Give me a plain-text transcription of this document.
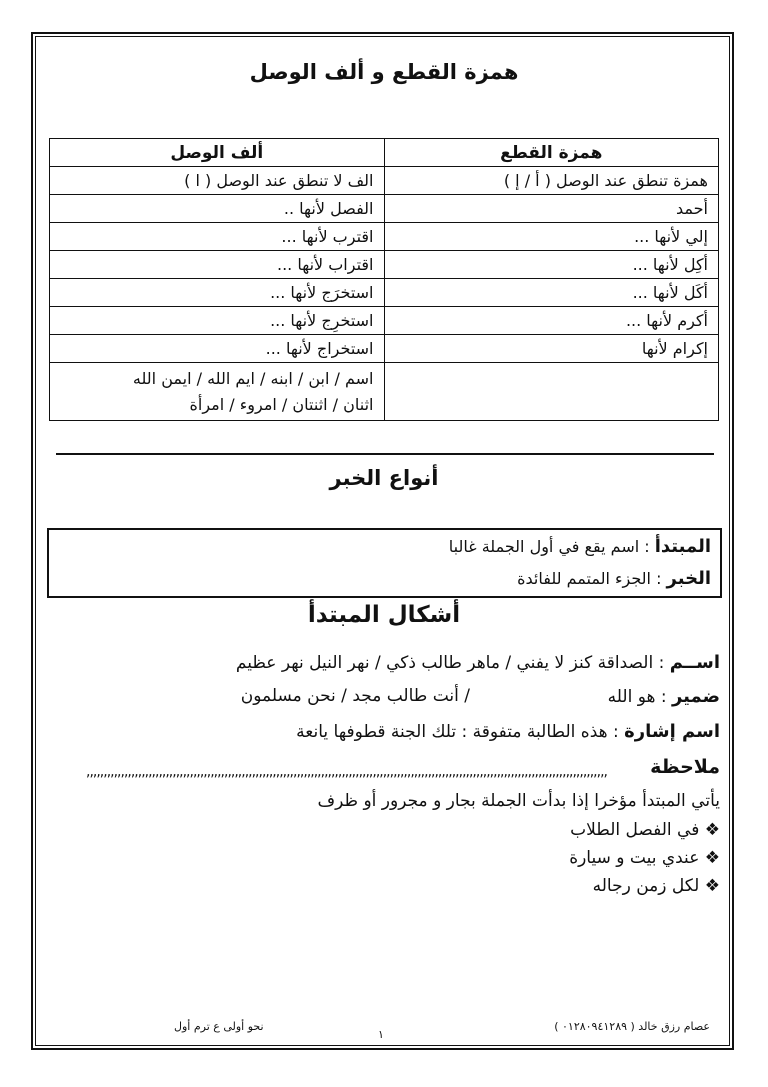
همزة القطع و ألف الوصل
همزة القطع	ألف الوصل
همزة تنطق عند الوصل ( أ / إ )	الف لا تنطق عند الوصل ( ا )
أحمد	الفصل لأنها ..
إلي لأنها ...	اقترب لأنها ...
أكِل لأنها ...	اقتراب لأنها ...
أكَل لأنها ...	استخرَج لأنها ...
أكرم لأنها ...	استخرِج لأنها ...
إكرام لأنها	استخراج لأنها ...

	اسم / ابن / ابنه / ايم الله / ايمن الله
اثنان / اثنتان / امروء / امرأة
أنواع الخبر
المبتدأ : اسم يقع في أول الجملة غالبا
الخبر : الجزء المتمم للفائدة
أشكال المبتدأ
اســم : الصداقة كنز لا يفني / ماهر طالب ذكي / نهر النيل نهر عظيم
ضمير : هو الله
/ أنت طالب مجد / نحن مسلمون
اسم إشارة : هذه الطالبة متفوقة : تلك الجنة قطوفها يانعة
ملاحظة
,,,,,,,,,,,,,,,,,,,,,,,,,,,,,,,,,,,,,,,,,,,,,,,,,,,,,,,,,,,,,,,,,,,,,,,,,,,,,,,,,,,,,,,,,,,,,,,,,,,,,,,,,,,,,,,,,,,,,,,,,,,,,,,,,,,,,,,,,,,,,,,,,,,,,,,
يأتي المبتدأ مؤخرا إذا بدأت الجملة بجار و مجرور أو ظرف
❖ في الفصل الطلاب
❖ عندي بيت و سيارة
❖ لكل زمن رجاله
عصام رزق خالد ( ٠١٢٨٠٩٤١٢٨٩ )
١
نحو أولى ع ترم أول
